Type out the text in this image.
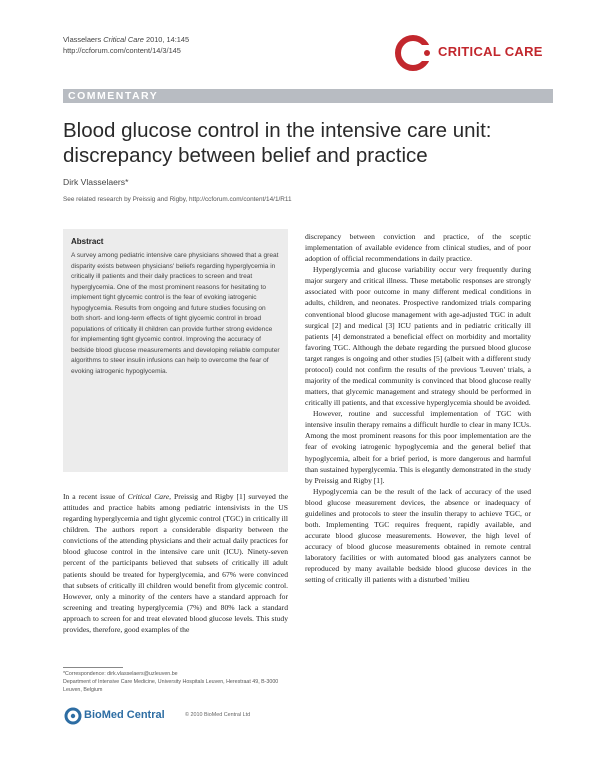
Vlasselaers Critical Care 2010, 14:145
http://ccforum.com/content/14/3/145	CRITICAL CARE
COMMENTARY
Blood glucose control in the intensive care unit: discrepancy between belief and practice
Dirk Vlasselaers*
See related research by Preissig and Rigby, http://ccforum.com/content/14/1/R11
Abstract

A survey among pediatric intensive care physicians showed that a great disparity exists between physicians' beliefs regarding hyperglycemia in critically ill patients and their daily practices to screen and treat hyperglycemia. One of the most prominent reasons for hesitating to implement tight glycemic control is the fear of evoking iatrogenic hypoglycemia. Results from ongoing and future studies focusing on both short- and long-term effects of tight glycemic control in broad populations of critically ill children can provide further strong evidence for implementing tight glycemic control. Improving the accuracy of bedside blood glucose measurements and developing reliable computer algorithms to steer insulin infusions can help to overcome the fear of evoking iatrogenic hypoglycemia.

In a recent issue of Critical Care, Preissig and Rigby [1] surveyed the attitudes and practice habits among pediatric intensivists in the US regarding hyperglycemia and tight glycemic control (TGC) in critically ill children. The authors report a considerable disparity between the convictions of the attending physicians and their actual daily practices for blood glucose control in the intensive care unit (ICU). Ninety-seven percent of the participants believed that subsets of critically ill adult patients should be treated for hyperglycemia, and 67% were convinced that subsets of critically ill children would benefit from glycemic control. However, only a minority of the centers have a standard approach for screening and treating hyperglycemia (7%) and 80% lack a standard approach to screen for and treat elevated blood glucose levels. This study provides, therefore, good examples of the

discrepancy between conviction and practice, of the sceptic implementation of available evidence from clinical studies, and of poor adoption of official recommendations in daily practice.

Hyperglycemia and glucose variability occur very frequently during major surgery and critical illness. These metabolic responses are strongly associated with poor outcome in many different medical conditions in adults, children, and neonates. Prospective randomized trials comparing conventional blood glucose management with age-adjusted TGC in adult surgical [2] and medical [3] ICU patients and in pediatric critically ill patients [4] demonstrated a beneficial effect on morbidity and mortality favoring TGC. Although the debate regarding the pursued blood glucose target ranges is ongoing and other studies [5] (albeit with a different study protocol) could not confirm the results of the previous 'Leuven' trials, a majority of the medical community is convinced that blood glucose really matters, that glycemic management and strategy should be performed in critically ill patients, and that excessive hyperglycemia should be avoided.

However, routine and successful implementation of TGC with intensive insulin therapy remains a difficult hurdle to clear in many ICUs. Among the most prominent reasons for this poor implementation are the fear of evoking iatrogenic hypoglycemia and the general belief that hypoglycemia, albeit for a brief period, is more dangerous and harmful than sustained hyperglycemia. This is elegantly demonstrated in the study by Preissig and Rigby [1].

Hypoglycemia can be the result of the lack of accuracy of the used blood glucose measurement devices, the absence or inadequacy of guidelines and protocols to steer the insulin therapy to achieve TGC, or both. Implementing TGC requires frequent, rapidly available, and accurate blood glucose measurements. However, the high level of accuracy of blood glucose measurements obtained in remote central laboratory facilities or with automated blood gas analyzers cannot be reproduced by many available bedside blood glucose devices in the setting of critically ill patients with a disturbed 'milieu

*Correspondence: dirk.vlasselaers@uzleuven.be
Department of Intensive Care Medicine, University Hospitals Leuven, Herestraat 49, B-3000 Leuven, Belgium
BioMed Central	© 2010 BioMed Central Ltd
